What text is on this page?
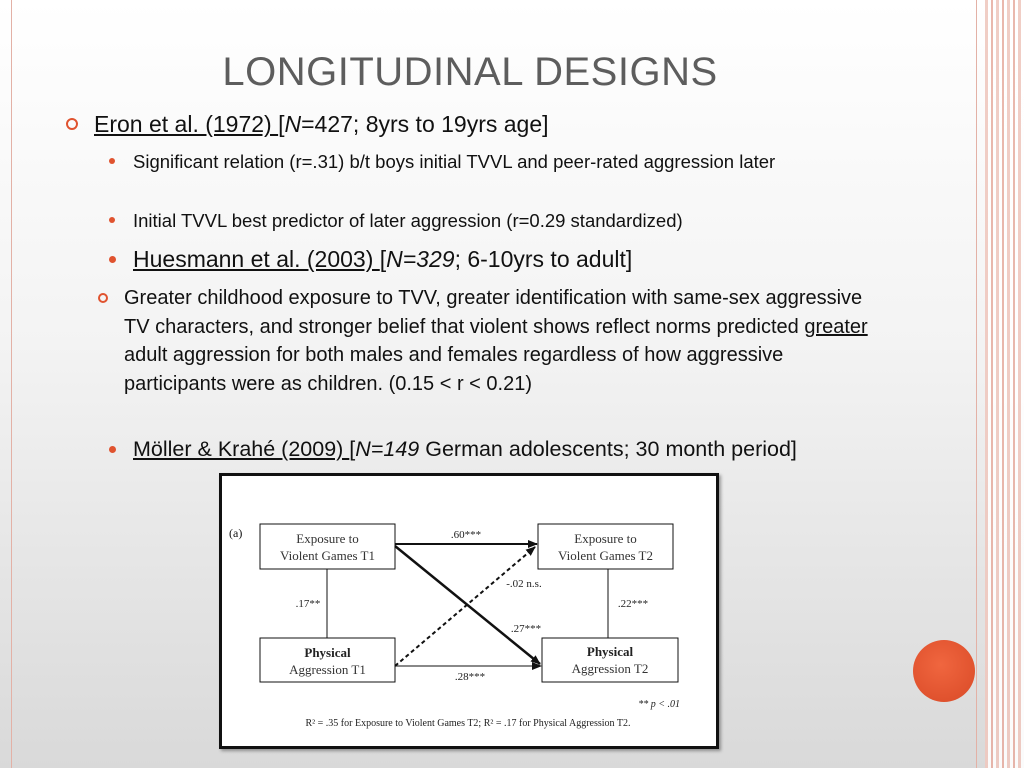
LONGITUDINAL DESIGNS
Eron et al. (1972) [N=427; 8yrs to 19yrs age]
Significant relation (r=.31) b/t boys initial TVVL and peer-rated aggression later
Initial TVVL best predictor of later aggression (r=0.29 standardized)
Huesmann et al. (2003) [N=329; 6-10yrs to adult]
Greater childhood exposure to TVV, greater identification with same-sex aggressive TV characters, and stronger belief that violent shows reflect norms predicted greater adult aggression for both males and females regardless of how aggressive participants were as children. (0.15 < r < 0.21)
Möller & Krahé (2009) [N=149 German adolescents; 30 month period]
(a)	Exposure to
Violent Games T1
Exposure to
Violent Games T2
Physical
Aggression T1
Physical
Aggression T2
.60***
.28***
.17**	.22***
-.02 n.s.
.27***
** p < .01
R² = .35 for Exposure to Violent Games T2; R² = .17 for Physical Aggression T2.
